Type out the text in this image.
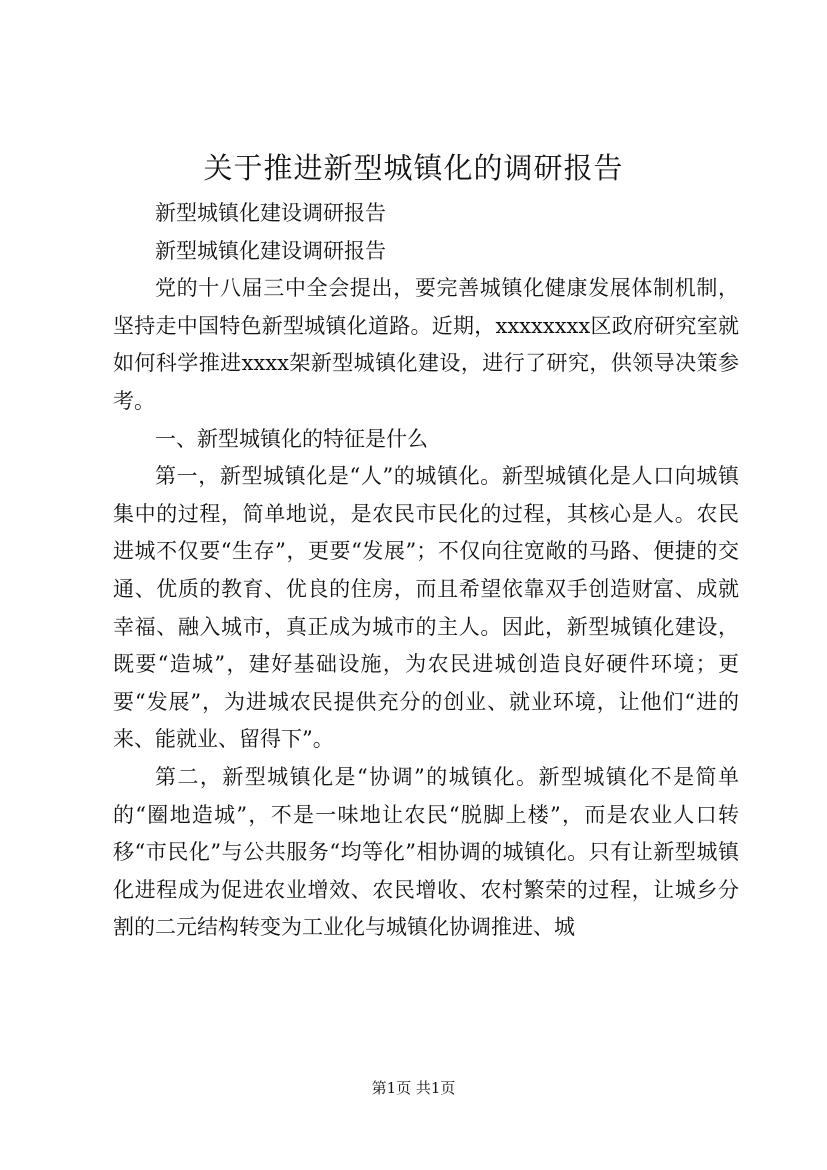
关于推进新型城镇化的调研报告

新型城镇化建设调研报告

新型城镇化建设调研报告

党的十八届三中全会提出，要完善城镇化健康发展体制机制，坚持走中国特色新型城镇化道路。近期，xxxxxxxx区政府研究室就如何科学推进xxxx架新型城镇化建设，进行了研究，供领导决策参考。

一、新型城镇化的特征是什么

第一，新型城镇化是“人”的城镇化。新型城镇化是人口向城镇集中的过程，简单地说，是农民市民化的过程，其核心是人。农民进城不仅要“生存”，更要“发展”；不仅向往宽敞的马路、便捷的交通、优质的教育、优良的住房，而且希望依靠双手创造财富、成就幸福、融入城市，真正成为城市的主人。因此，新型城镇化建设，既要“造城”，建好基础设施，为农民进城创造良好硬件环境；更要“发展”，为进城农民提供充分的创业、就业环境，让他们“进的来、能就业、留得下”。

第二，新型城镇化是“协调”的城镇化。新型城镇化不是简单的“圈地造城”，不是一味地让农民“脱脚上楼”，而是农业人口转移“市民化”与公共服务“均等化”相协调的城镇化。只有让新型城镇化进程成为促进农业增效、农民增收、农村繁荣的过程，让城乡分割的二元结构转变为工业化与城镇化协调推进、城

第1页 共1页
